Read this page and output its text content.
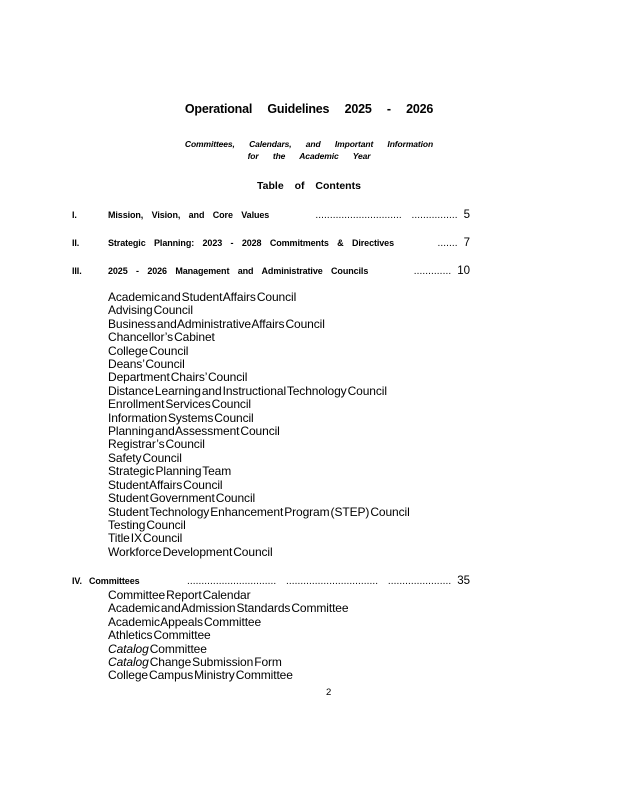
Operational Guidelines 2025 - 2026
Committees, Calendars, and Important Information
for the Academic Year
Table of Contents
I.	Mission, Vision, and Core Values	..............................  ................ 5
II.	Strategic Planning: 2023 - 2028 Commitments & Directives	....... 7
III.	2025 - 2026 Management and Administrative Councils	............. 10
Academic and Student Affairs Council
Advising Council
Business and Administrative Affairs Council
Chancellor’s Cabinet
College Council
Deans’ Council
Department Chairs’ Council
Distance Learning and Instructional Technology Council
Enrollment Services Council
Information Systems Council
Planning and Assessment Council
Registrar’s Council
Safety Council
Strategic Planning Team
Student Affairs Council
Student Government Council
Student Technology Enhancement Program (STEP) Council
Testing Council
Title IX Council
Workforce Development Council
IV. Committees	...............................  ................................  ...................... 35
Committee Report Calendar
Academic and Admission Standards Committee
Academic Appeals Committee
Athletics Committee
Catalog Committee
Catalog Change Submission Form
College Campus Ministry Committee
2
